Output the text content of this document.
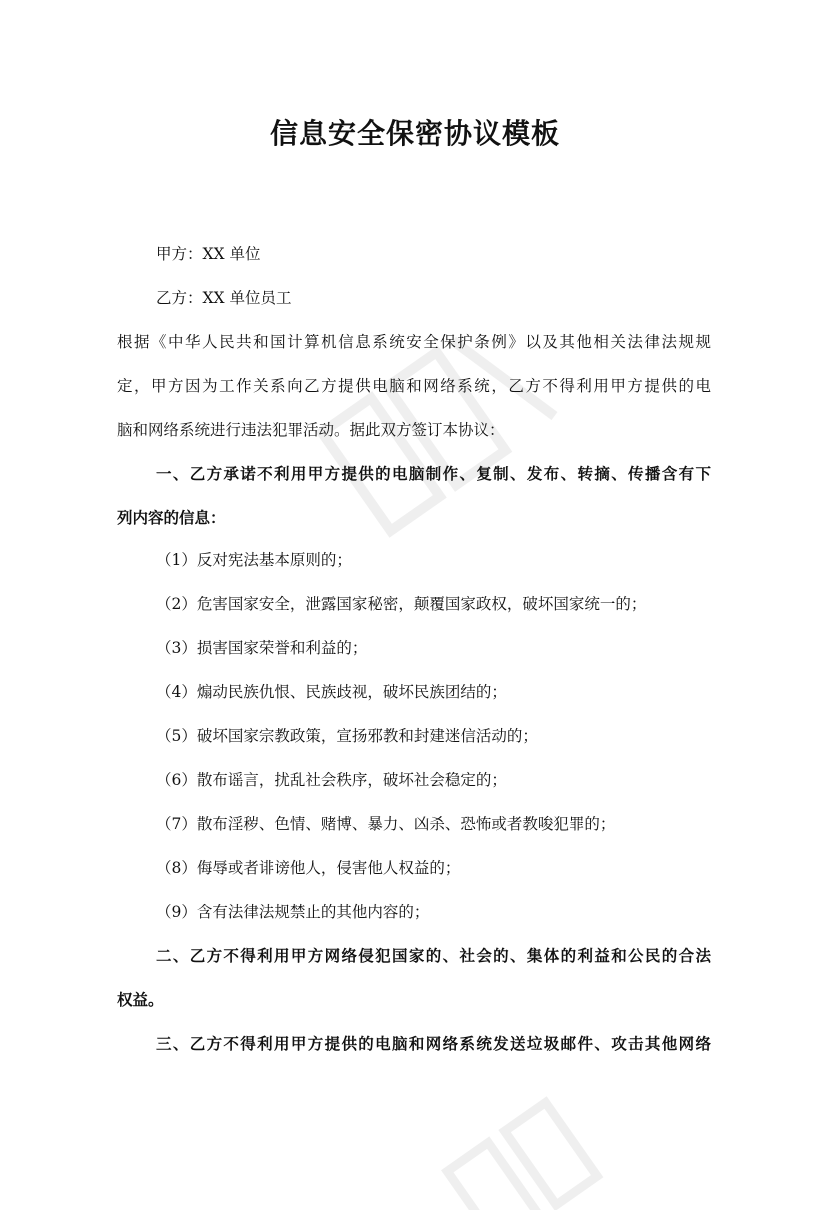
信息安全保密协议模板
甲方：XX 单位
乙方：XX 单位员工
根据《中华人民共和国计算机信息系统安全保护条例》以及其他相关法律法规规
定，甲方因为工作关系向乙方提供电脑和网络系统，乙方不得利用甲方提供的电
脑和网络系统进行违法犯罪活动。据此双方签订本协议：
一、乙方承诺不利用甲方提供的电脑制作、复制、发布、转摘、传播含有下
列内容的信息：
（1）反对宪法基本原则的；
（2）危害国家安全，泄露国家秘密，颠覆国家政权，破坏国家统一的；
（3）损害国家荣誉和利益的；
（4）煽动民族仇恨、民族歧视，破坏民族团结的；
（5）破坏国家宗教政策，宣扬邪教和封建迷信活动的；
（6）散布谣言，扰乱社会秩序，破坏社会稳定的；
（7）散布淫秽、色情、赌博、暴力、凶杀、恐怖或者教唆犯罪的；
（8）侮辱或者诽谤他人，侵害他人权益的；
（9）含有法律法规禁止的其他内容的；
二、乙方不得利用甲方网络侵犯国家的、社会的、集体的利益和公民的合法
权益。
三、乙方不得利用甲方提供的电脑和网络系统发送垃圾邮件、攻击其他网络
